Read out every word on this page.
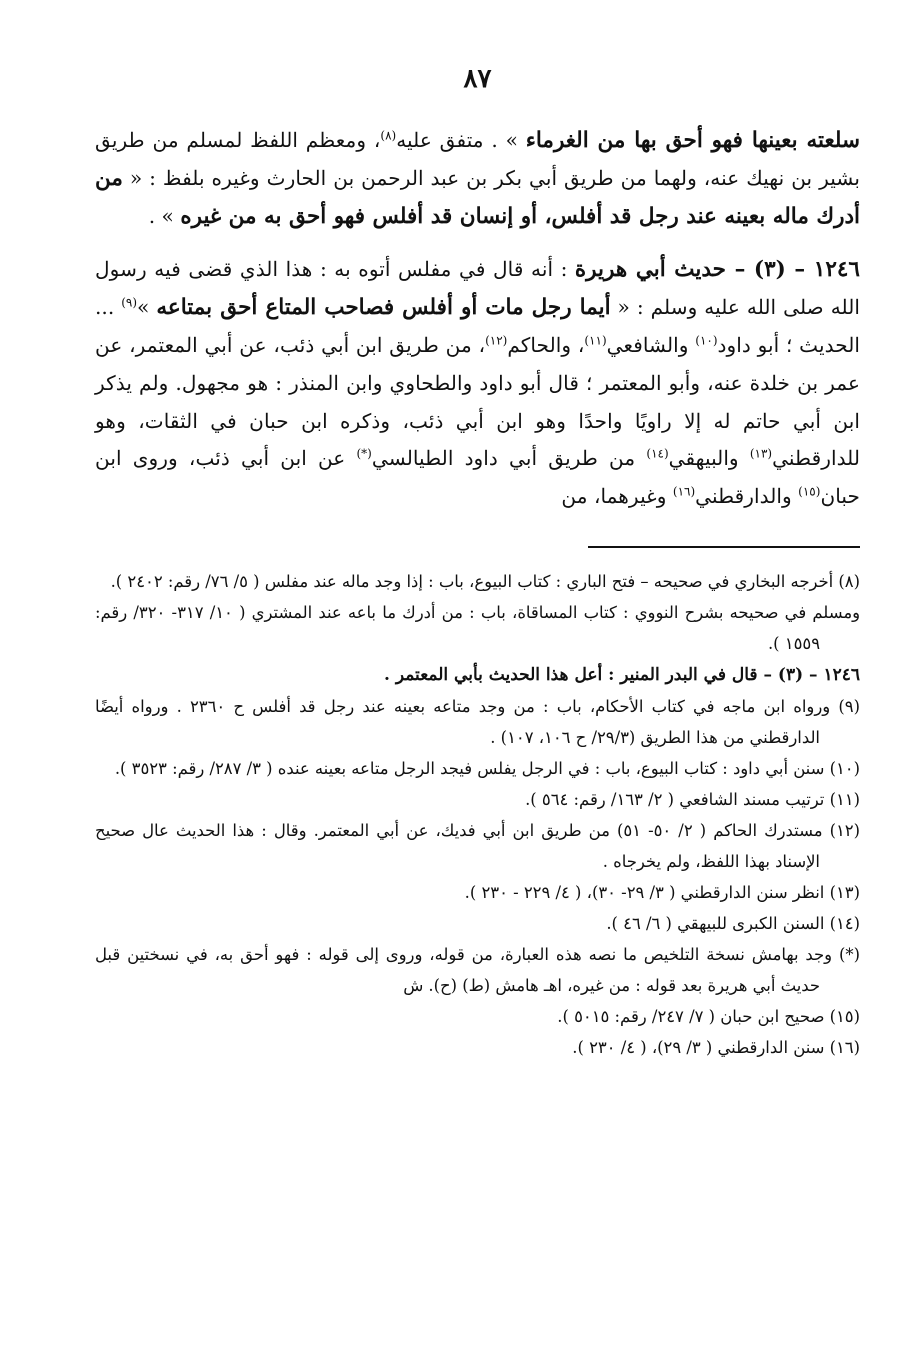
٨٧

سلعته بعينها فهو أحق بها من الغرماء » . متفق عليه$^{(٨)}$، ومعظم اللفظ لمسلم من طريق بشير بن نهيك عنه، ولهما من طريق أبي بكر بن عبد الرحمن بن الحارث وغيره بلفظ : « من أدرك ماله بعينه عند رجل قد أفلس، أو إنسان قد أفلس فهو أحق به من غيره » .

١٢٤٦ – (٣) – حديث أبي هريرة : أنه قال في مفلس أتوه به : هذا الذي قضى فيه رسول الله صلى الله عليه وسلم : « أيما رجل مات أو أفلس فصاحب المتاع أحق بمتاعه »$^{(٩)}$ ... الحديث ؛ أبو داود$^{(١٠)}$ والشافعي$^{(١١)}$، والحاكم$^{(١٢)}$، من طريق ابن أبي ذئب، عن أبي المعتمر، عن عمر بن خلدة عنه، وأبو المعتمر ؛ قال أبو داود والطحاوي وابن المنذر : هو مجهول. ولم يذكر ابن أبي حاتم له إلا راويًا واحدًا وهو ابن أبي ذئب، وذكره ابن حبان في الثقات، وهو للدارقطني$^{(١٣)}$ والبيهقي$^{(١٤)}$ من طريق أبي داود الطيالسي(*) عن ابن أبي ذئب، وروى ابن حبان$^{(١٥)}$ والدارقطني$^{(١٦)}$ وغيرهما، من

(٨) أخرجه البخاري في صحيحه – فتح الباري : كتاب البيوع، باب : إذا وجد ماله عند مفلس ( ٥/ ٧٦/ رقم: ٢٤٠٢ ).

ومسلم في صحيحه بشرح النووي : كتاب المساقاة، باب : من أدرك ما باعه عند المشتري ( ١٠/ ٣١٧- ٣٢٠/ رقم: ١٥٥٩ ).

١٢٤٦ – (٣) – قال في البدر المنير : أعل هذا الحديث بأبي المعتمر .

(٩) ورواه ابن ماجه في كتاب الأحكام، باب : من وجد متاعه بعينه عند رجل قد أفلس ح ٢٣٦٠ . ورواه أيضًا الدارقطني من هذا الطريق (٢٩/٣/ ح ١٠٦، ١٠٧) .

(١٠) سنن أبي داود : كتاب البيوع، باب : في الرجل يفلس فيجد الرجل متاعه بعينه عنده ( ٣/ ٢٨٧/ رقم: ٣٥٢٣ ).

(١١) ترتيب مسند الشافعي ( ٢/ ١٦٣/ رقم: ٥٦٤ ).

(١٢) مستدرك الحاكم ( ٢/ ٥٠- ٥١) من طريق ابن أبي فديك، عن أبي المعتمر. وقال : هذا الحديث عال صحيح الإسناد بهذا اللفظ، ولم يخرجاه .

(١٣) انظر سنن الدارقطني ( ٣/ ٢٩- ٣٠)، ( ٤/ ٢٢٩ - ٢٣٠ ).

(١٤) السنن الكبرى للبيهقي ( ٦/ ٤٦ ).

(*) وجد بهامش نسخة التلخيص ما نصه هذه العبارة، من قوله، وروى إلى قوله : فهو أحق به، في نسختين قبل حديث أبي هريرة بعد قوله : من غيره، اهـ هامش (ط) (ح). ش

(١٥) صحيح ابن حبان ( ٧/ ٢٤٧/ رقم: ٥٠١٥ ).

(١٦) سنن الدارقطني ( ٣/ ٢٩)، ( ٤/ ٢٣٠ ).
